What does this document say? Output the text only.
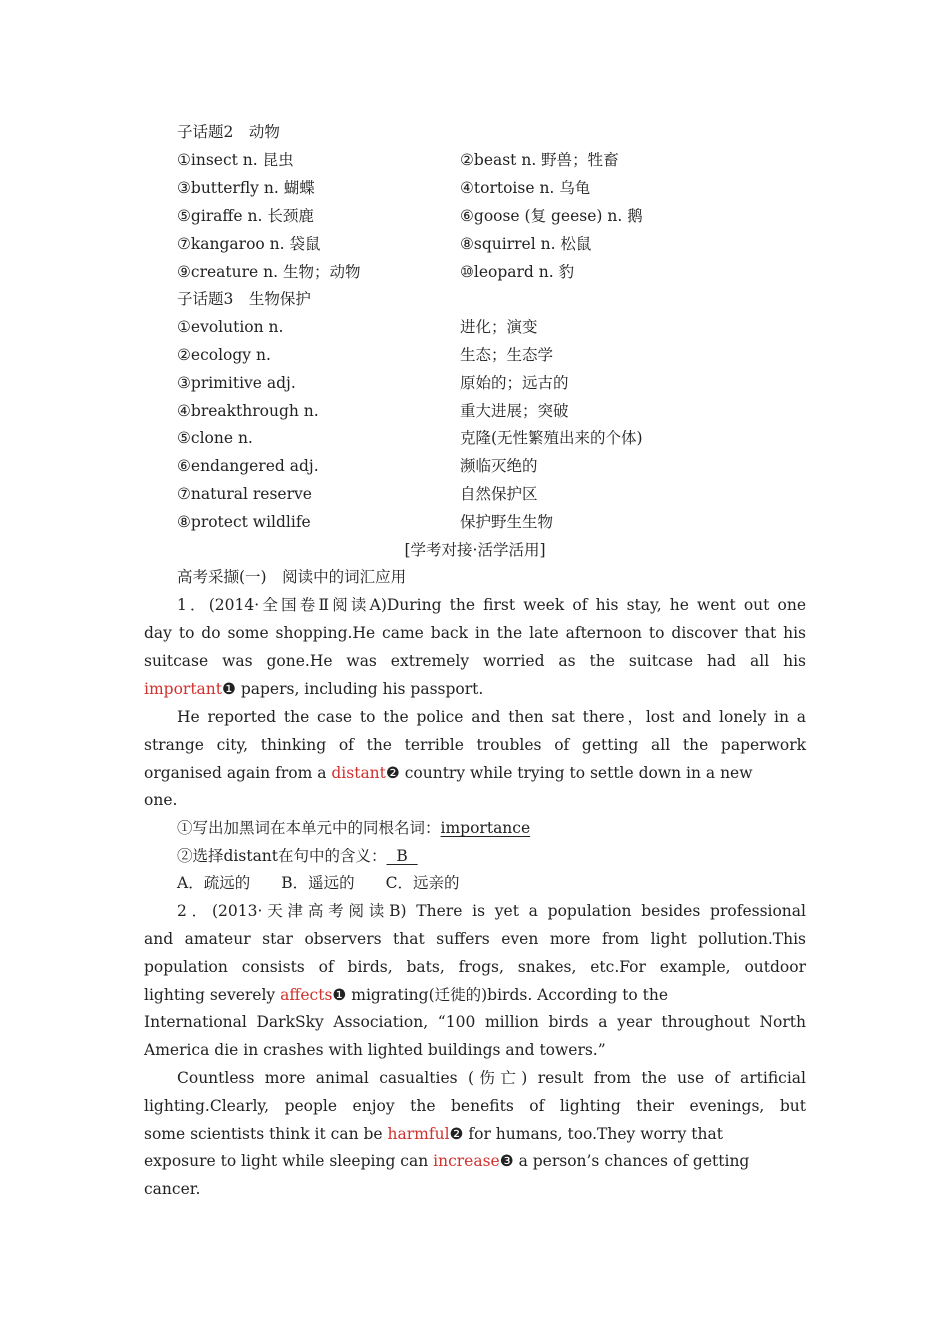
子话题2　动物
①insect n. 昆虫	②beast n. 野兽；牲畜
③butterfly n. 蝴蝶	④tortoise n. 乌龟
⑤giraffe n. 长颈鹿	⑥goose (复 geese) n. 鹅
⑦kangaroo n. 袋鼠	⑧squirrel n. 松鼠
⑨creature n. 生物；动物	⑩leopard n. 豹
子话题3　生物保护
①evolution n.	进化；演变
②ecology n.	生态；生态学
③primitive adj.	原始的；远古的
④breakthrough n.	重大进展；突破
⑤clone n.	克隆(无性繁殖出来的个体)
⑥endangered adj.	濒临灭绝的
⑦natural reserve	自然保护区
⑧protect wildlife	保护野生生物
[学考对接·活学活用]
高考采撷(一)　阅读中的词汇应用
1．(2014·全国卷Ⅱ阅读A)During the first week of his stay, he went out one
day to do some shopping.He came back in the late afternoon to discover that his
suitcase was gone.He was extremely worried as the suitcase had all his
important❶ papers, including his passport.
He reported the case to the police and then sat there，lost and lonely in a
strange city, thinking of the terrible troubles of getting all the paperwork
organised again from a distant❷ country while trying to settle down in a new
one.
①写出加黑词在本单元中的同根名词：importance
②选择distant在句中的含义：  B
A．疏远的　　B．遥远的　　C．远亲的
2．(2013·天津高考阅读B) There is yet a population besides professional
and amateur star observers that suffers even more from light pollution.This
population consists of birds, bats, frogs, snakes, etc.For example, outdoor
lighting severely affects❶ migrating(迁徙的)birds. According to the
International DarkSky Association, “100 million birds a year throughout North
America die in crashes with lighted buildings and towers.”
Countless more animal casualties (伤亡) result from the use of artificial
lighting.Clearly, people enjoy the benefits of lighting their evenings, but
some scientists think it can be harmful❷ for humans, too.They worry that
exposure to light while sleeping can increase❸ a person’s chances of getting
cancer.
